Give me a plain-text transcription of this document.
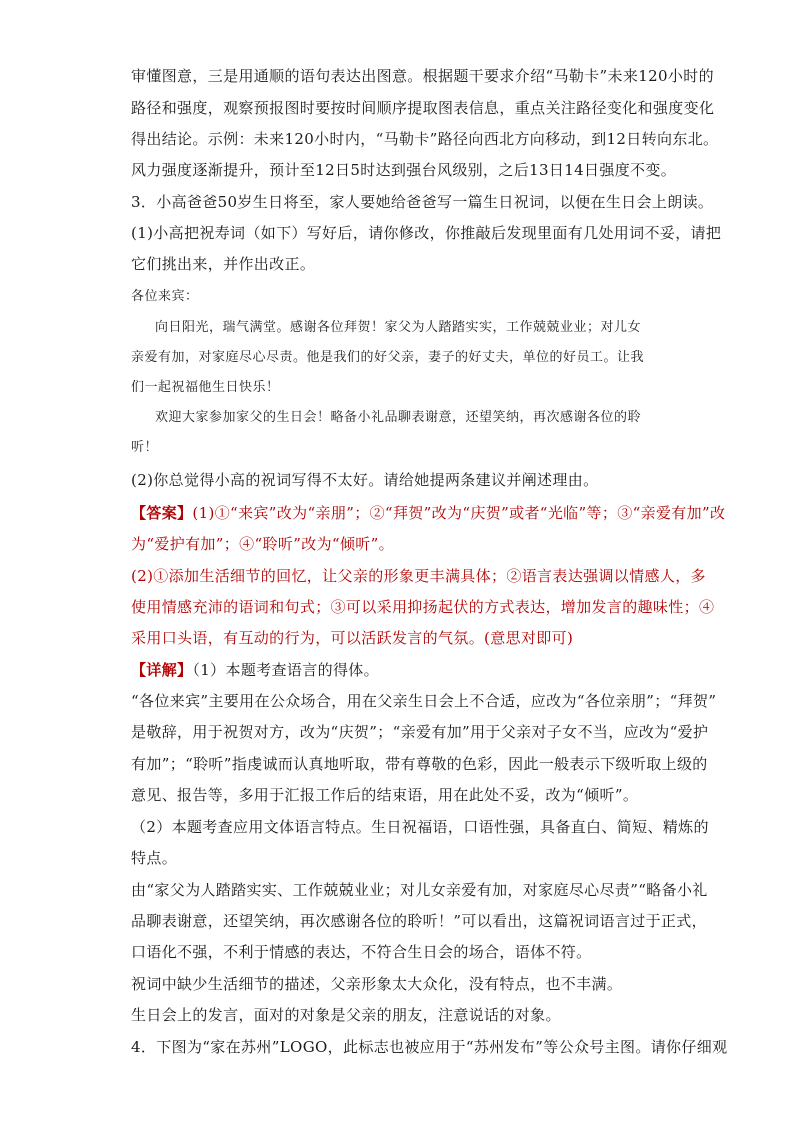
审懂图意，三是用通顺的语句表达出图意。根据题干要求介绍“马勒卡”未来120小时的
路径和强度，观察预报图时要按时间顺序提取图表信息，重点关注路径变化和强度变化
得出结论。示例：未来120小时内，“马勒卡”路径向西北方向移动，到12日转向东北。
风力强度逐渐提升，预计至12日5时达到强台风级别，之后13日14日强度不变。
3．小高爸爸50岁生日将至，家人要她给爸爸写一篇生日祝词，以便在生日会上朗读。
(1)小高把祝寿词（如下）写好后，请你修改，你推敲后发现里面有几处用词不妥，请把
它们挑出来，并作出改正。
各位来宾：
向日阳光，瑞气满堂。感谢各位拜贺！家父为人踏踏实实，工作兢兢业业；对儿女
亲爱有加，对家庭尽心尽责。他是我们的好父亲，妻子的好丈夫，单位的好员工。让我
们一起祝福他生日快乐！
欢迎大家参加家父的生日会！略备小礼品聊表谢意，还望笑纳，再次感谢各位的聆
听！
(2)你总觉得小高的祝词写得不太好。请给她提两条建议并阐述理由。
【答案】(1)①“来宾”改为“亲朋”；②“拜贺”改为“庆贺”或者“光临”等；③“亲爱有加”改
为“爱护有加”；④“聆听”改为“倾听”。
(2)①添加生活细节的回忆，让父亲的形象更丰满具体；②语言表达强调以情感人，多
使用情感充沛的语词和句式；③可以采用抑扬起伏的方式表达，增加发言的趣味性；④
采用口头语，有互动的行为，可以活跃发言的气氛。(意思对即可)
【详解】（1）本题考查语言的得体。
“各位来宾”主要用在公众场合，用在父亲生日会上不合适，应改为“各位亲朋”；“拜贺”
是敬辞，用于祝贺对方，改为“庆贺”；“亲爱有加”用于父亲对子女不当，应改为“爱护
有加”；“聆听”指虔诚而认真地听取，带有尊敬的色彩，因此一般表示下级听取上级的
意见、报告等，多用于汇报工作后的结束语，用在此处不妥，改为“倾听”。
（2）本题考查应用文体语言特点。生日祝福语，口语性强，具备直白、简短、精炼的
特点。
由“家父为人踏踏实实、工作兢兢业业；对儿女亲爱有加，对家庭尽心尽责”“略备小礼
品聊表谢意，还望笑纳，再次感谢各位的聆听！”可以看出，这篇祝词语言过于正式，
口语化不强，不利于情感的表达，不符合生日会的场合，语体不符。
祝词中缺少生活细节的描述，父亲形象太大众化，没有特点，也不丰满。
生日会上的发言，面对的对象是父亲的朋友，注意说话的对象。
4．下图为“家在苏州”LOGO，此标志也被应用于“苏州发布”等公众号主图。请你仔细观
